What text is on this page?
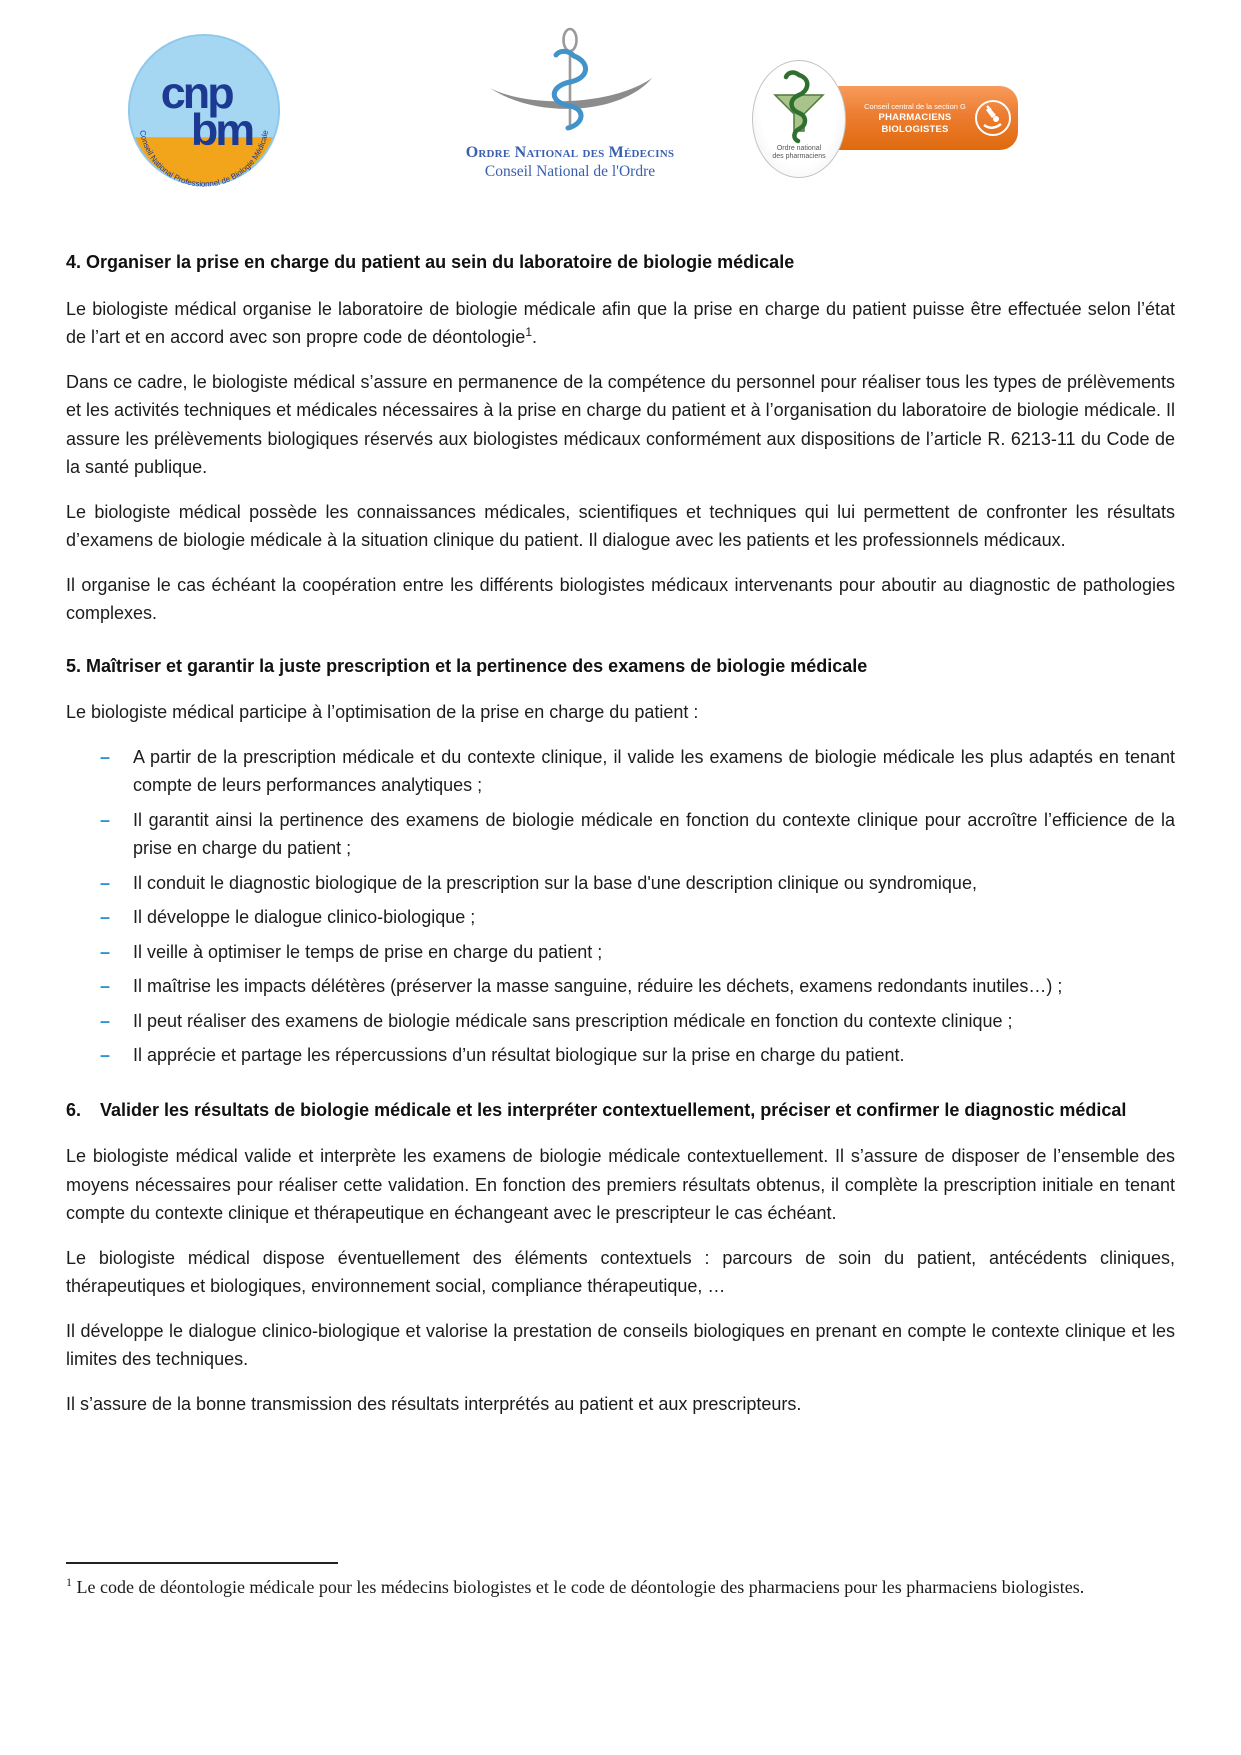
cnp
bm
Conseil National Professionnel de Biologie Médicale
Ordre National des Médecins
Conseil National de l'Ordre
Conseil central de la section G
PHARMACIENS BIOLOGISTES
Ordre national
des pharmaciens
4. Organiser la prise en charge du patient au sein du laboratoire de biologie médicale

Le biologiste médical organise le laboratoire de biologie médicale afin que la prise en charge du patient puisse être effectuée selon l’état de l’art et en accord avec son propre code de déontologie$^1$.

Dans ce cadre, le biologiste médical s’assure en permanence de la compétence du personnel pour réaliser tous les types de prélèvements et les activités techniques et médicales nécessaires à la prise en charge du patient et à l’organisation du laboratoire de biologie médicale. Il assure les prélèvements biologiques réservés aux biologistes médicaux conformément aux dispositions de l’article R. 6213-11 du Code de la santé publique.

Le biologiste médical possède les connaissances médicales, scientifiques et techniques qui lui permettent de confronter les résultats d’examens de biologie médicale à la situation clinique du patient. Il dialogue avec les patients et les professionnels médicaux.

Il organise le cas échéant la coopération entre les différents biologistes médicaux intervenants pour aboutir au diagnostic de pathologies complexes.

5. Maîtriser et garantir la juste prescription et la pertinence des examens de biologie médicale

Le biologiste médical participe à l’optimisation de la prise en charge du patient :

–	A partir de la prescription médicale et du contexte clinique, il valide les examens de biologie médicale les plus adaptés en tenant compte de leurs performances analytiques ;
–	Il garantit ainsi la pertinence des examens de biologie médicale en fonction du contexte clinique pour accroître l’efficience de la prise en charge du patient ;
–	Il conduit le diagnostic biologique de la prescription sur la base d'une description clinique ou syndromique,
–	Il développe le dialogue clinico-biologique ;
–	Il veille à optimiser le temps de prise en charge du patient ;
–	Il maîtrise les impacts délétères (préserver la masse sanguine, réduire les déchets, examens redondants inutiles…) ;
–	Il peut réaliser des examens de biologie médicale sans prescription médicale en fonction du contexte clinique ;
–	Il apprécie et partage les répercussions d’un résultat biologique sur la prise en charge du patient.
6.	Valider les résultats de biologie médicale et les interpréter contextuellement, préciser et confirmer le diagnostic médical

Le biologiste médical valide et interprète les examens de biologie médicale contextuellement. Il s’assure de disposer de l’ensemble des moyens nécessaires pour réaliser cette validation. En fonction des premiers résultats obtenus, il complète la prescription initiale en tenant compte du contexte clinique et thérapeutique en échangeant avec le prescripteur le cas échéant.

Le biologiste médical dispose éventuellement des éléments contextuels : parcours de soin du patient, antécédents cliniques, thérapeutiques et biologiques, environnement social, compliance thérapeutique, …

Il développe le dialogue clinico-biologique et valorise la prestation de conseils biologiques en prenant en compte le contexte clinique et les limites des techniques.

Il s’assure de la bonne transmission des résultats interprétés au patient et aux prescripteurs.

$^1$ Le code de déontologie médicale pour les médecins biologistes et le code de déontologie des pharmaciens pour les pharmaciens biologistes.
